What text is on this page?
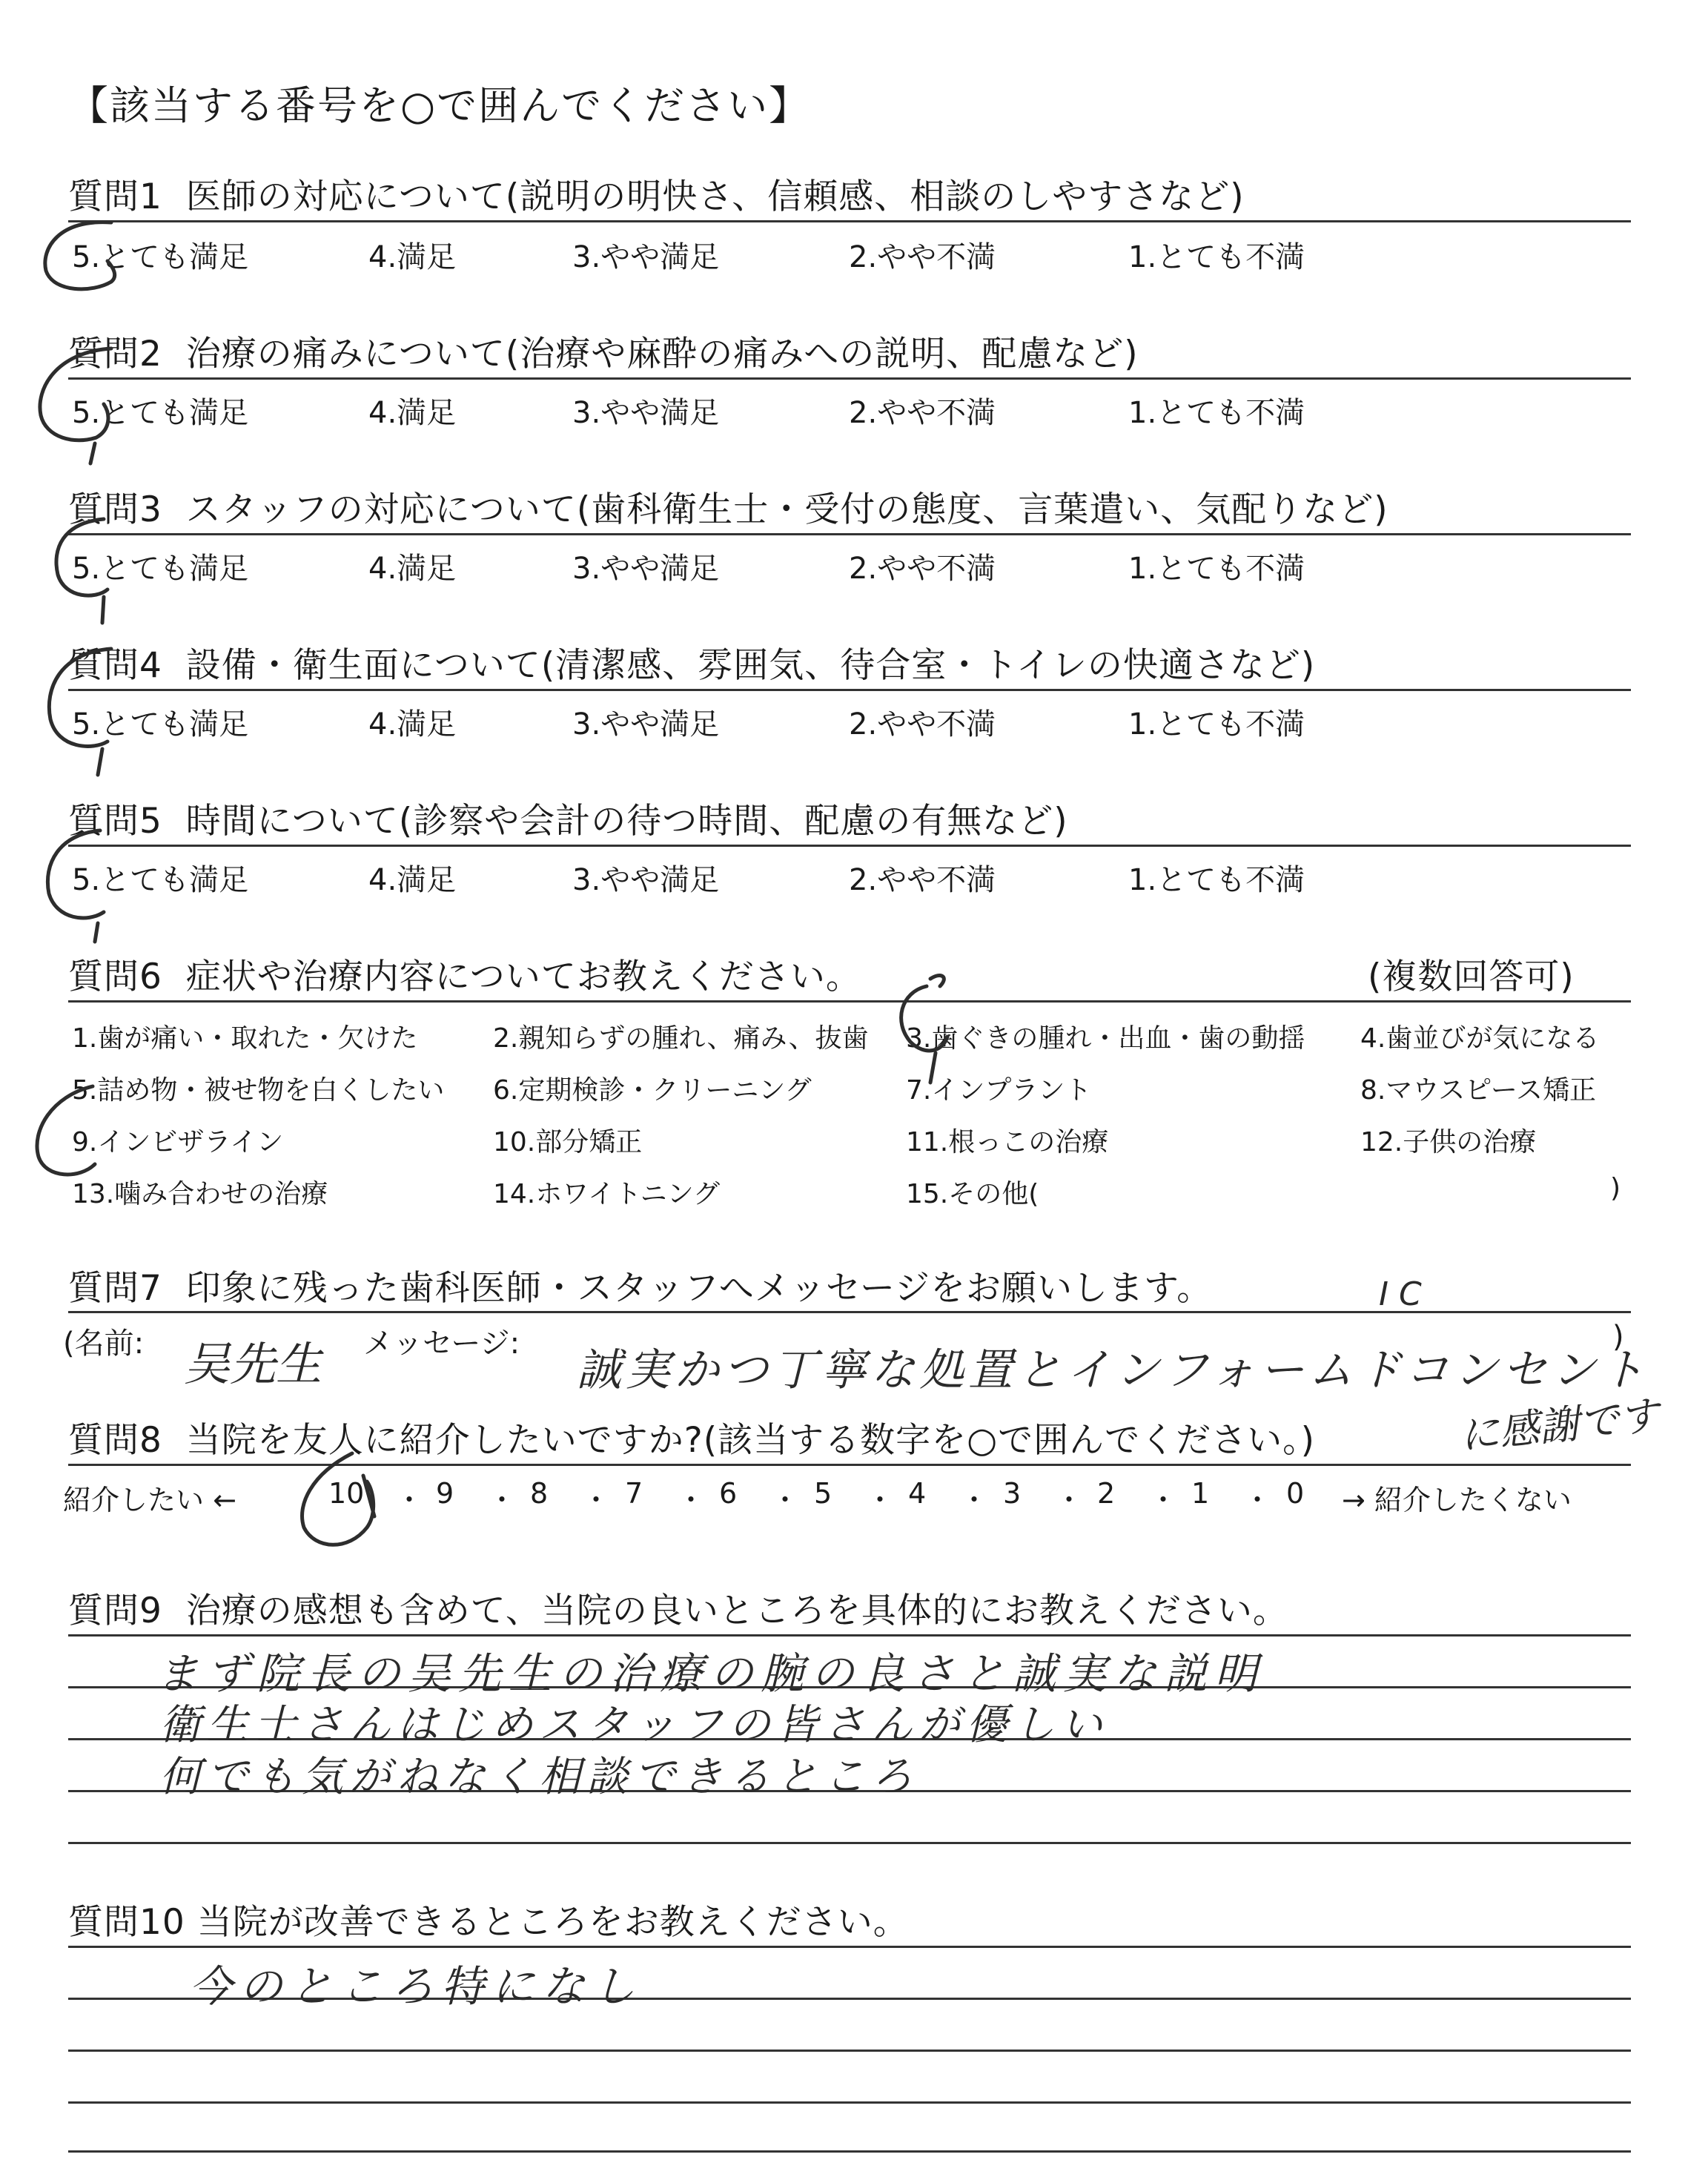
【該当する番号を○で囲んでください】
質問1 医師の対応について(説明の明快さ、信頼感、相談のしやすさなど)
5.とても満足	4.満足	3.やや満足	2.やや不満	1.とても不満
質問2 治療の痛みについて(治療や麻酔の痛みへの説明、配慮など)
5.とても満足	4.満足	3.やや満足	2.やや不満	1.とても不満
質問3 スタッフの対応について(歯科衛生士・受付の態度、言葉遣い、気配りなど)
5.とても満足	4.満足	3.やや満足	2.やや不満	1.とても不満
質問4 設備・衛生面について(清潔感、雰囲気、待合室・トイレの快適さなど)
5.とても満足	4.満足	3.やや満足	2.やや不満	1.とても不満
質問5 時間について(診察や会計の待つ時間、配慮の有無など)
5.とても満足	4.満足	3.やや満足	2.やや不満	1.とても不満
質問6 症状や治療内容についてお教えください。	(複数回答可)
1.歯が痛い・取れた・欠けた	2.親知らずの腫れ、痛み、抜歯 3.歯ぐきの腫れ・出血・歯の動揺 4.歯並びが気になる
5.詰め物・被せ物を白くしたい 6.定期検診・クリーニング	7.インプラント	8.マウスピース矯正
9.インビザライン	10.部分矯正	11.根っこの治療	12.子供の治療
13.噛み合わせの治療	14.ホワイトニング	15.その他(	)
質問7 印象に残った歯科医師・スタッフへメッセージをお願いします。
(名前: 吴先生 メッセージ:
誠実かつ丁寧な処置とインフォームドコンセント
IC
)
質問8 当院を友人に紹介したいですか?(該当する数字を○で囲んでください。)	に感謝です
紹介したい ←	→ 紹介したくない
10 ・ 9 ・ 8 ・ 7 ・ 6 ・ 5 ・ 4 ・ 3 ・ 2 ・ 1 ・ 0
質問9 治療の感想も含めて、当院の良いところを具体的にお教えください。
まず院長の吴先生の治療の腕の良さと誠実な説明
衛生士さんはじめスタッフの皆さんが優しい
何でも気がねなく相談できるところ
質問10 当院が改善できるところをお教えください。
今のところ特になし
